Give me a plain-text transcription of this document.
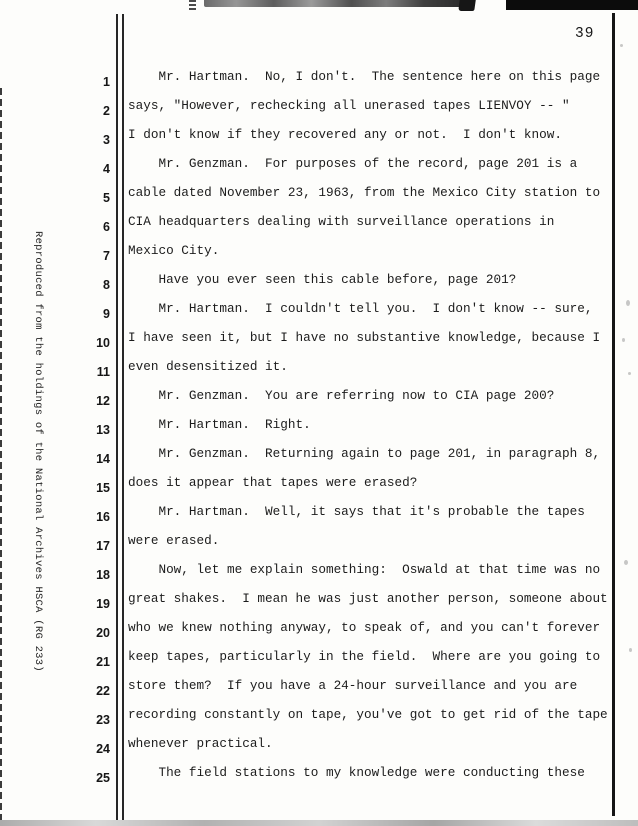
39
Reproduced from the holdings of the National Archives HSCA (RG 233)
1
2
3
4
5
6
7
8
9
10
11
12
13
14
15
16
17
18
19
20
21
22
23
24
25
Mr. Hartman.  No, I don't.  The sentence here on this page
says, "However, rechecking all unerased tapes LIENVOY -- "
I don't know if they recovered any or not.  I don't know.
Mr. Genzman.  For purposes of the record, page 201 is a
cable dated November 23, 1963, from the Mexico City station to
CIA headquarters dealing with surveillance operations in
Mexico City.
Have you ever seen this cable before, page 201?
Mr. Hartman.  I couldn't tell you.  I don't know -- sure,
I have seen it, but I have no substantive knowledge, because I
even desensitized it.
Mr. Genzman.  You are referring now to CIA page 200?
Mr. Hartman.  Right.
Mr. Genzman.  Returning again to page 201, in paragraph 8,
does it appear that tapes were erased?
Mr. Hartman.  Well, it says that it's probable the tapes
were erased.
Now, let me explain something:  Oswald at that time was no
great shakes.  I mean he was just another person, someone about
who we knew nothing anyway, to speak of, and you can't forever
keep tapes, particularly in the field.  Where are you going to
store them?  If you have a 24-hour surveillance and you are
recording constantly on tape, you've got to get rid of the tape
whenever practical.
The field stations to my knowledge were conducting these
